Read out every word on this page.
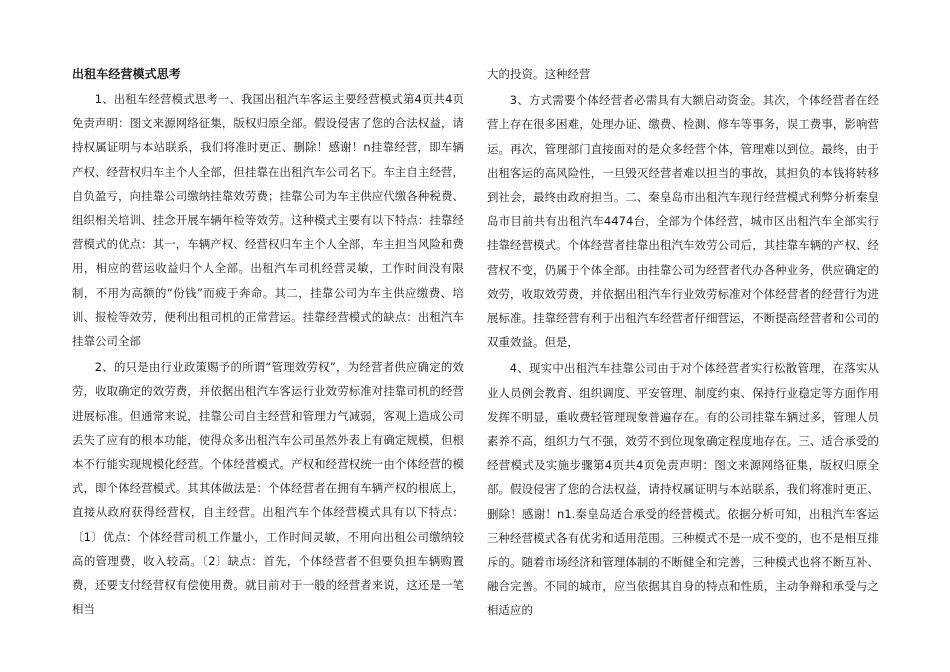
出租车经营模式思考

1、出租车经营模式思考一、我国出租汽车客运主要经营模式第4页共4页免责声明：图文来源网络征集，版权归原全部。假设侵害了您的合法权益，请持权属证明与本站联系，我们将准时更正、删除！感谢！n挂靠经营，即车辆产权、经营权归车主个人全部，但挂靠在出租汽车公司名下。车主自主经营，自负盈亏，向挂靠公司缴纳挂靠效劳费；挂靠公司为车主供应代缴各种税费、组织相关培训、挂念开展车辆年检等效劳。这种模式主要有以下特点：挂靠经营模式的优点：其一，车辆产权、经营权归车主个人全部，车主担当风险和费用，相应的营运收益归个人全部。出租汽车司机经营灵敏，工作时间没有限制，不用为高额的“份钱”而疲于奔命。其二，挂靠公司为车主供应缴费、培训、报检等效劳，便利出租司机的正常营运。挂靠经营模式的缺点：出租汽车挂靠公司全部

2、的只是由行业政策赐予的所谓“管理效劳权”，为经营者供应确定的效劳，收取确定的效劳费，并依据出租汽车客运行业效劳标准对挂靠司机的经营进展标准。但通常来说，挂靠公司自主经营和管理力气减弱，客观上造成公司丢失了应有的根本功能，使得众多出租汽车公司虽然外表上有确定规模，但根本不行能实现规模化经营。个体经营模式。产权和经营权统一由个体经营的模式，即个体经营模式。其其体做法是：个体经营者在拥有车辆产权的根底上，直接从政府获得经营权，自主经营。出租汽车个体经营模式具有以下特点：〔1〕优点：个体经营司机工作量小，工作时间灵敏，不用向出租公司缴纳较高的管理费，收入较高。〔2〕缺点：首先，个体经营者不但要负担车辆购置费，还要支付经营权有偿使用费。就目前对于一般的经营者来说，这还是一笔相当

大的投资。这种经营

3、方式需要个体经营者必需具有大额启动资金。其次，个体经营者在经营上存在很多困难，处理办证、缴费、检测、修车等事务，误工费事，影响营运。再次，管理部门直接面对的是众多经营个体，管理难以到位。最终，由于出租客运的高风险性，一旦毁灭经营者难以担当的事故，其担负的本钱将转移到社会，最终由政府担当。二、秦皇岛市出租汽车现行经营模式利弊分析秦皇岛市目前共有出租汽车4474台，全部为个体经营，城市区出租汽车全部实行挂靠经营模式。个体经营者挂靠出租汽车效劳公司后，其挂靠车辆的产权、经营权不变，仍属于个体全部。由挂靠公司为经营者代办各种业务，供应确定的效劳，收取效劳费，并依据出租汽车行业效劳标准对个体经营者的经营行为进展标准。挂靠经营有利于出租汽车经营者仔细营运，不断提高经营者和公司的双重效益。但是，

4、现实中出租汽车挂靠公司由于对个体经营者实行松散管理，在落实从业人员例会教育、组织调度、平安管理、制度约束、保持行业稳定等方面作用发挥不明显，重收费轻管理现象普遍存在。有的公司挂靠车辆过多，管理人员素养不高，组织力气不强，效劳不到位现象确定程度地存在。三、适合承受的经营模式及实施步骤第4页共4页免责声明：图文来源网络征集，版权归原全部。假设侵害了您的合法权益，请持权属证明与本站联系，我们将准时更正、删除！感谢！n1.秦皇岛适合承受的经营模式。依据分析可知，出租汽车客运三种经营模式各有优劣和适用范围。三种模式不是一成不变的，也不是相互排斥的。随着市场经济和管理体制的不断健全和完善，三种模式也将不断互补、融合完善。不同的城市，应当依据其自身的特点和性质，主动争辩和承受与之相适应的
